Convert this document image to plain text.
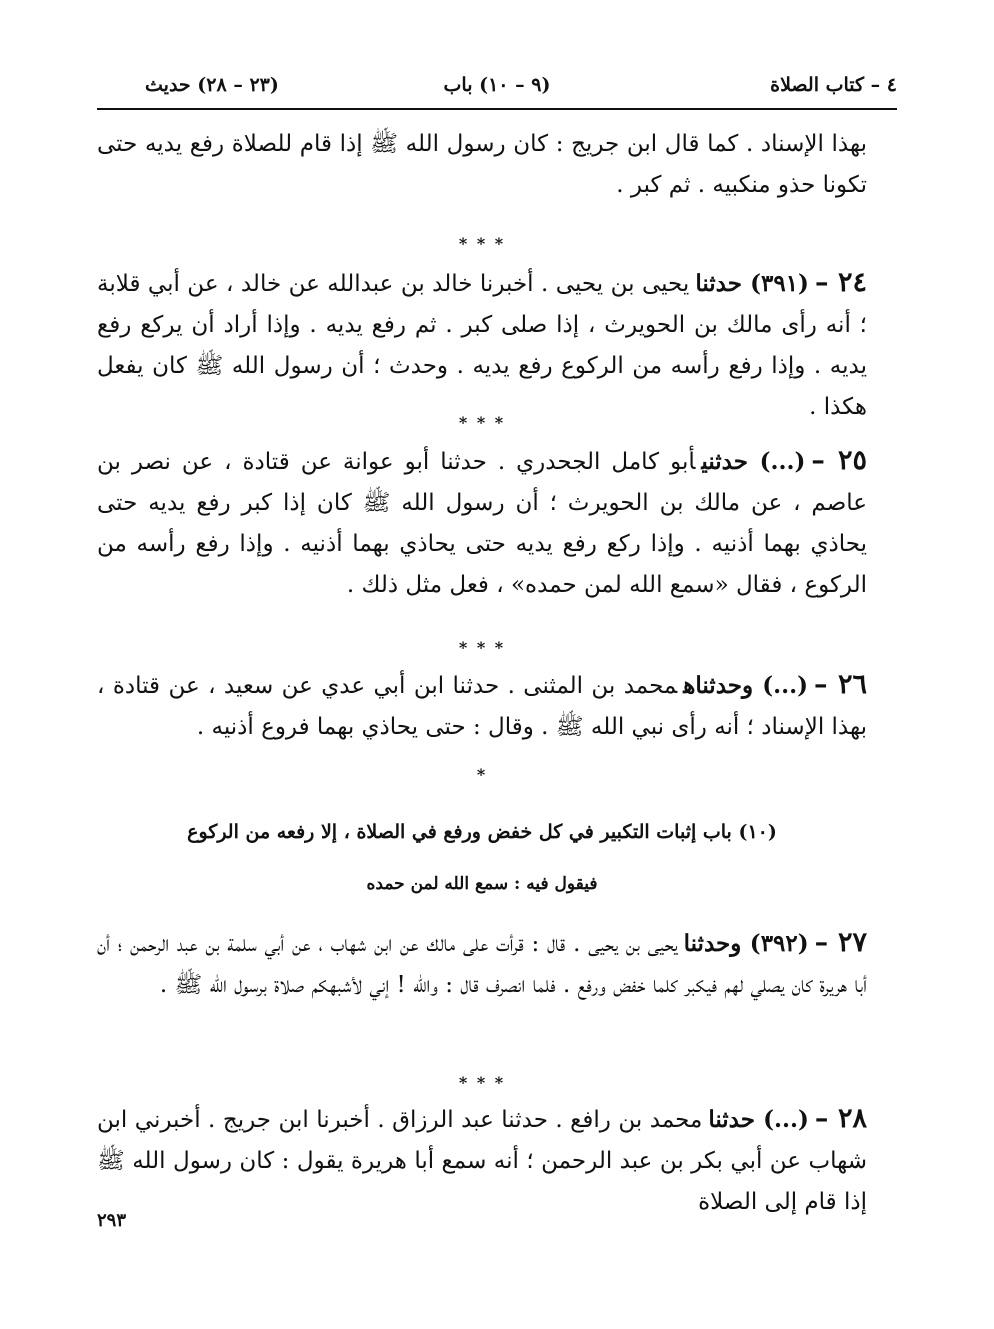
٤ – كتاب الصلاة
(٩ – ١٠) باب
(٢٣ – ٢٨) حديث
بهذا الإسناد . كما قال ابن جريج : كان رسول الله ﷺ إذا قام للصلاة رفع يديه حتى تكونا حذو منكبيه . ثم كبر .
* * *
٢٤ –(٣٩١) حدثنايحيى بن يحيى . أخبرنا خالد بن عبدالله عن خالد ، عن أبي قلابة ؛ أنه رأى مالك بن الحويرث ، إذا صلى كبر . ثم رفع يديه . وإذا أراد أن يركع رفع يديه . وإذا رفع رأسه من الركوع رفع يديه . وحدث ؛ أن رسول الله ﷺ كان يفعل هكذا .
* * *
٢٥ –(...) حدثنيأبو كامل الجحدري . حدثنا أبو عوانة عن قتادة ، عن نصر بن عاصم ، عن مالك بن الحويرث ؛ أن رسول الله ﷺ كان إذا كبر رفع يديه حتى يحاذي بهما أذنيه . وإذا ركع رفع يديه حتى يحاذي بهما أذنيه . وإذا رفع رأسه من الركوع ، فقال «سمع الله لمن حمده» ، فعل مثل ذلك .
* * *
٢٦ –(...) وحدثناهمحمد بن المثنى . حدثنا ابن أبي عدي عن سعيد ، عن قتادة ، بهذا الإسناد ؛ أنه رأى نبي الله ﷺ . وقال : حتى يحاذي بهما فروع أذنيه .
*
(١٠) باب إثبات التكبير في كل خفض ورفع في الصلاة ، إلا رفعه من الركوع
فيقول فيه : سمع الله لمن حمده
٢٧ –(٣٩٢) وحدثنايحيى بن يحيى . قال : قرأت على مالك عن ابن شهاب ، عن أبي سلمة بن عبد الرحمن ؛ أن أبا هريرة كان يصلي لهم فيكبر كلما خفض ورفع . فلما انصرف قال : والله ! إني لأشبهكم صلاة برسول الله ﷺ .
* * *
٢٨ –(...) حدثنامحمد بن رافع . حدثنا عبد الرزاق . أخبرنا ابن جريج . أخبرني ابن شهاب عن أبي بكر بن عبد الرحمن ؛ أنه سمع أبا هريرة يقول : كان رسول الله ﷺ إذا قام إلى الصلاة
٢٩٣
